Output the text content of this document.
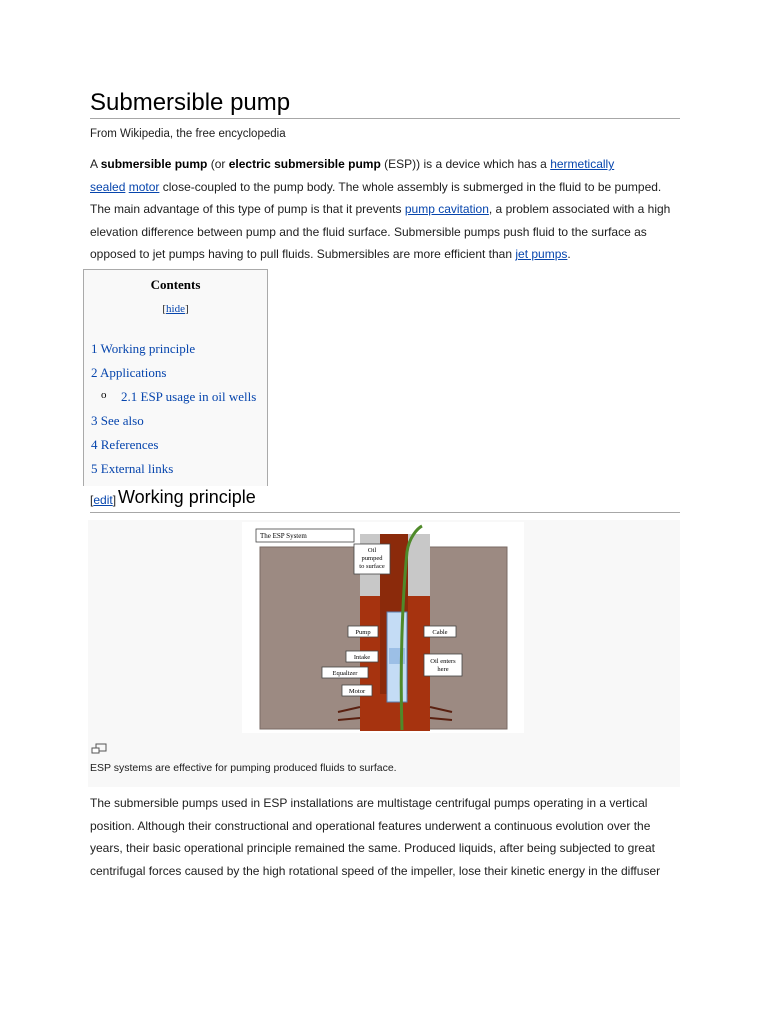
Submersible pump
From Wikipedia, the free encyclopedia

A submersible pump (or electric submersible pump (ESP)) is a device which has a hermetically

sealed motor close-coupled to the pump body. The whole assembly is submerged in the fluid to be pumped.

The main advantage of this type of pump is that it prevents pump cavitation, a problem associated with a high

elevation difference between pump and the fluid surface. Submersible pumps push fluid to the surface as

opposed to jet pumps having to pull fluids. Submersibles are more efficient than jet pumps.

[edit] Working principle
The ESP System
Oil
pumped
to surface
Pump	Cable
Intake
Oil enters
here
Equalizer
Motor
ESP systems are effective for pumping produced fluids to surface.

The submersible pumps used in ESP installations are multistage centrifugal pumps operating in a vertical

position. Although their constructional and operational features underwent a continuous evolution over the

years, their basic operational principle remained the same. Produced liquids, after being subjected to great

centrifugal forces caused by the high rotational speed of the impeller, lose their kinetic energy in the diffuser

Contents
[hide]
1 Working principle
2 Applications
o 2.1 ESP usage in oil wells
3 See also
4 References
5 External links
